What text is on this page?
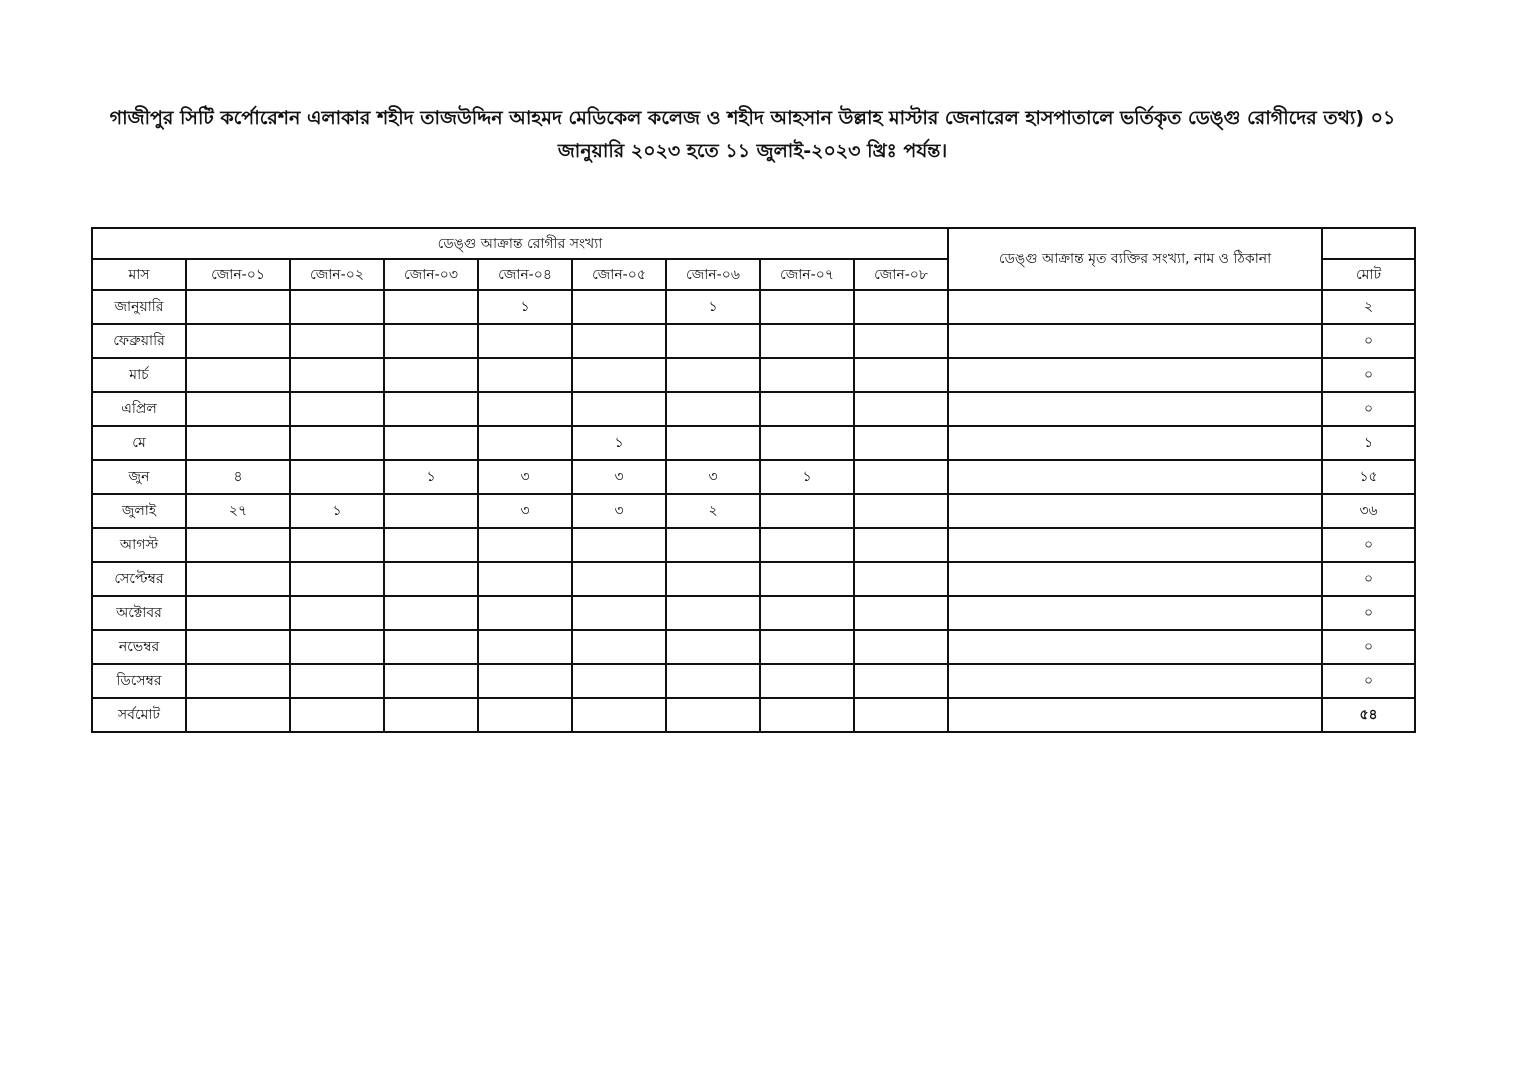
গাজীপুর সিটি কর্পোরেশন এলাকার শহীদ তাজউদ্দিন আহমদ মেডিকেল কলেজ ও শহীদ আহসান উল্লাহ মাস্টার জেনারেল হাসপাতালে ভর্তিকৃত ডেঙ্গু রোগীদের তথ্য) ০১
জানুয়ারি ২০২৩ হতে ১১ জুলাই-২০২৩ খ্রিঃ পর্যন্ত।
ডেঙ্গু আক্রান্ত রোগীর সংখ্যা									ডেঙ্গু আক্রান্ত মৃত ব্যক্তির সংখ্যা, নাম ও ঠিকানা	
মাস	জোন-০১	জোন-০২	জোন-০৩	জোন-০৪	জোন-০৫	জোন-০৬	জোন-০৭	জোন-০৮		মোট
জানুয়ারি				১		১				২
ফেব্রুয়ারি										০
মার্চ										০
এপ্রিল										০
মে					১					১
জুন	৪		১	৩	৩	৩	১			১৫
জুলাই	২৭	১		৩	৩	২				৩৬
আগস্ট										০
সেপ্টেম্বর										০
অক্টোবর										০
নভেম্বর										০
ডিসেম্বর										০
সর্বমোট										৫৪
